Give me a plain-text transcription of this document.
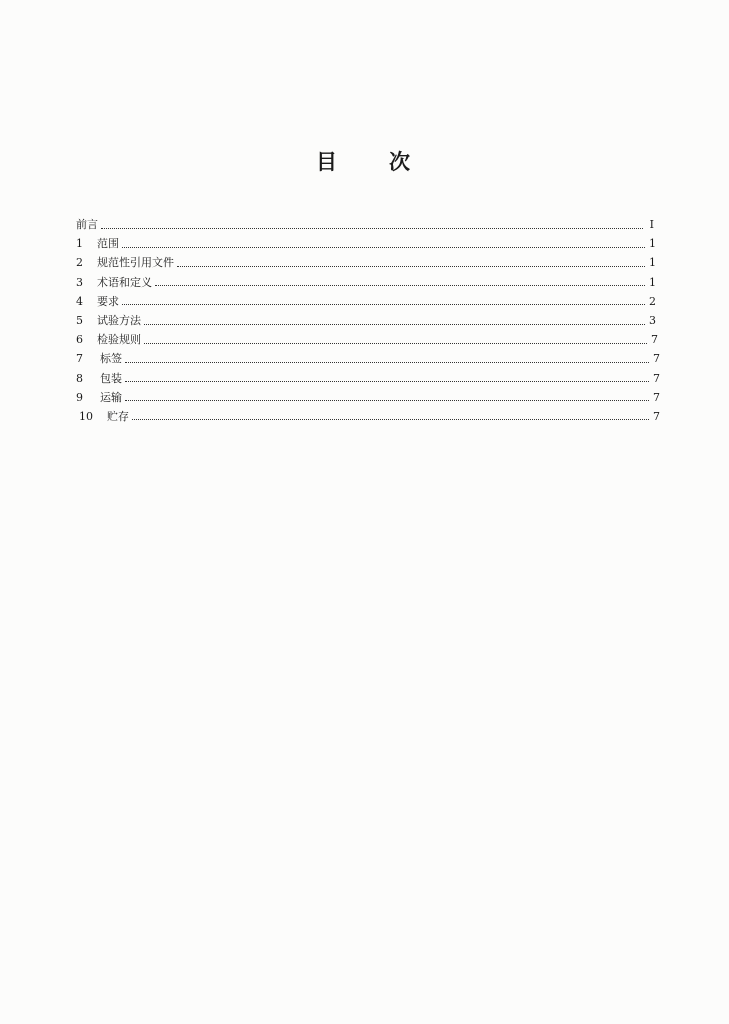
目 次
前言	I
1	范围	1
2	规范性引用文件	1
3	术语和定义	1
4	要求	2
5	试验方法	3
6	检验规则	7
7	标签	7
8	包装	7
9	运输	7
10	贮存	7
